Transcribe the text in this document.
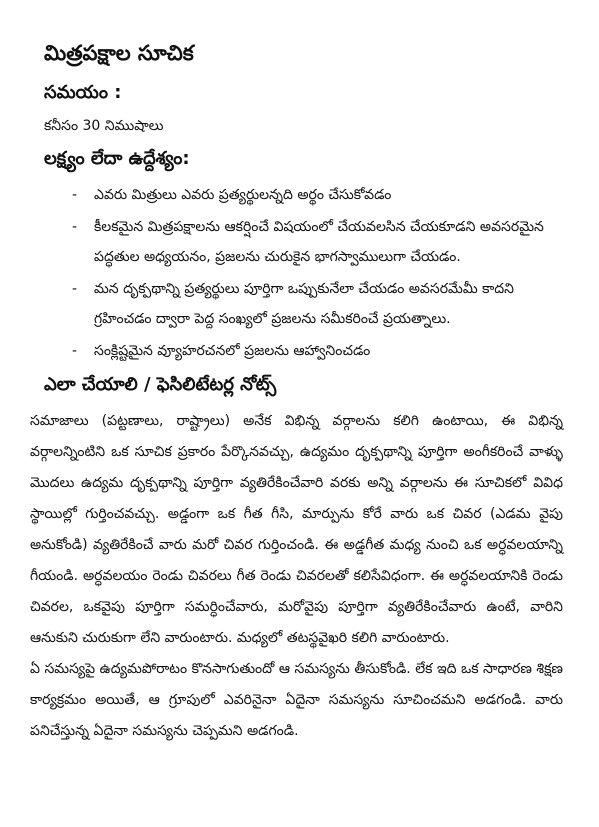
మిత్రపక్షాల సూచిక
సమయం :
కనీసం 30 నిముషాలు
లక్ష్యం లేదా ఉద్దేశ్యం:
- ఎవరు మిత్రులు ఎవరు ప్రత్యర్థులన్నది అర్థం చేసుకోవడం
- కీలకమైన మిత్రపక్షాలను ఆకర్షించే విషయంలో చేయవలసిన చేయకూడని అవసరమైన పద్ధతుల అధ్యయనం, ప్రజలను చురుకైన భాగస్వాములుగా చేయడం.
- మన దృక్పథాన్ని ప్రత్యర్థులు పూర్తిగా ఒప్పుకునేలా చేయడం అవసరమేమీ కాదని గ్రహించడం ద్వారా పెద్ద సంఖ్యలో ప్రజలను సమీకరించే ప్రయత్నాలు.
- సంక్లిష్టమైన వ్యూహరచనలో ప్రజలను ఆహ్వానించడం
ఎలా చేయాలి / ఫెసిలిటేటర్ల నోట్స్

సమాజాలు (పట్టణాలు, రాష్ట్రాలు) అనేక విభిన్న వర్గాలను కలిగి ఉంటాయి, ఈ విభిన్న వర్గాలన్నింటిని ఒక సూచిక ప్రకారం పేర్కొనవచ్చు, ఉద్యమం దృక్పథాన్ని పూర్తిగా అంగీకరించే వాళ్ళు మొదలు ఉద్యమ దృక్పథాన్ని పూర్తిగా వ్యతిరేకించేవారి వరకు అన్ని వర్గాలను ఈ సూచికలో వివిధ స్థాయిల్లో గుర్తించవచ్చు. అడ్డంగా ఒక గీత గీసి, మార్పును కోరే వారు ఒక చివర (ఎడమ వైపు అనుకోండి) వ్యతిరేకించే వారు మరో చివర గుర్తించండి. ఈ అడ్డగీత మధ్య నుంచి ఒక అర్ధవలయాన్ని గీయండి. అర్ధవలయం రెండు చివరలు గీత రెండు చివరలతో కలిసేవిధంగా. ఈ అర్ధవలయానికి రెండు చివరల, ఒకవైపు పూర్తిగా సమర్ధించేవారు, మరోవైపు పూర్తిగా వ్యతిరేకించేవారు ఉంటే, వారిని ఆనుకుని చురుకుగా లేని వారుంటారు. మధ్యలో తటస్థవైఖరి కలిగి వారుంటారు.

ఏ సమస్యపై ఉద్యమపోరాటం కొనసాగుతుందో ఆ సమస్యను తీసుకోండి. లేక ఇది ఒక సాధారణ శిక్షణ కార్యక్రమం అయితే, ఆ గ్రూపులో ఎవరినైనా ఏదైనా సమస్యను సూచించమని అడగండి. వారు పనిచేస్తున్న ఏదైనా సమస్యను చెప్పమని అడగండి.
